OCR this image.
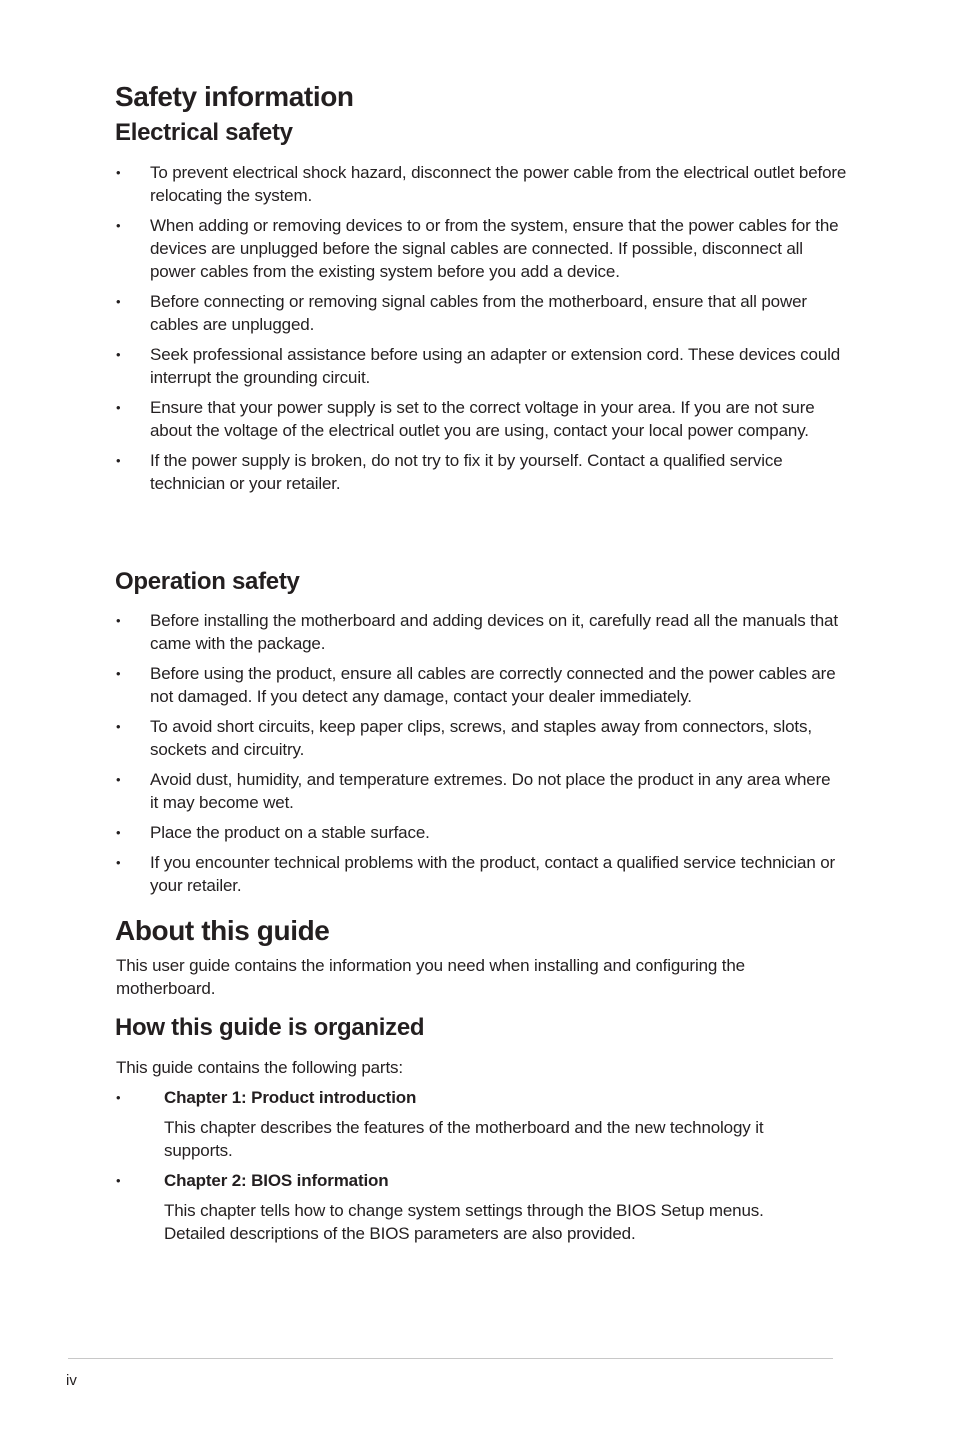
Safety information
Electrical safety
• To prevent electrical shock hazard, disconnect the power cable from the electrical outlet before relocating the system.
• When adding or removing devices to or from the system, ensure that the power cables for the devices are unplugged before the signal cables are connected. If possible, disconnect all power cables from the existing system before you add a device.
• Before connecting or removing signal cables from the motherboard, ensure that all power cables are unplugged.
• Seek professional assistance before using an adapter or extension cord. These devices could interrupt the grounding circuit.
• Ensure that your power supply is set to the correct voltage in your area. If you are not sure about the voltage of the electrical outlet you are using, contact your local power company.
• If the power supply is broken, do not try to fix it by yourself. Contact a qualified service technician or your retailer.
Operation safety
• Before installing the motherboard and adding devices on it, carefully read all the manuals that came with the package.
• Before using the product, ensure all cables are correctly connected and the power cables are not damaged. If you detect any damage, contact your dealer immediately.
• To avoid short circuits, keep paper clips, screws, and staples away from connectors, slots, sockets and circuitry.
• Avoid dust, humidity, and temperature extremes. Do not place the product in any area where it may become wet.
• Place the product on a stable surface.
• If you encounter technical problems with the product, contact a qualified service technician or your retailer.
About this guide

This user guide contains the information you need when installing and configuring the motherboard.

How this guide is organized

This guide contains the following parts:

• Chapter 1: Product introduction
This chapter describes the features of the motherboard and the new technology it supports.
• Chapter 2: BIOS information
This chapter tells how to change system settings through the BIOS Setup menus. Detailed descriptions of the BIOS parameters are also provided.
iv
